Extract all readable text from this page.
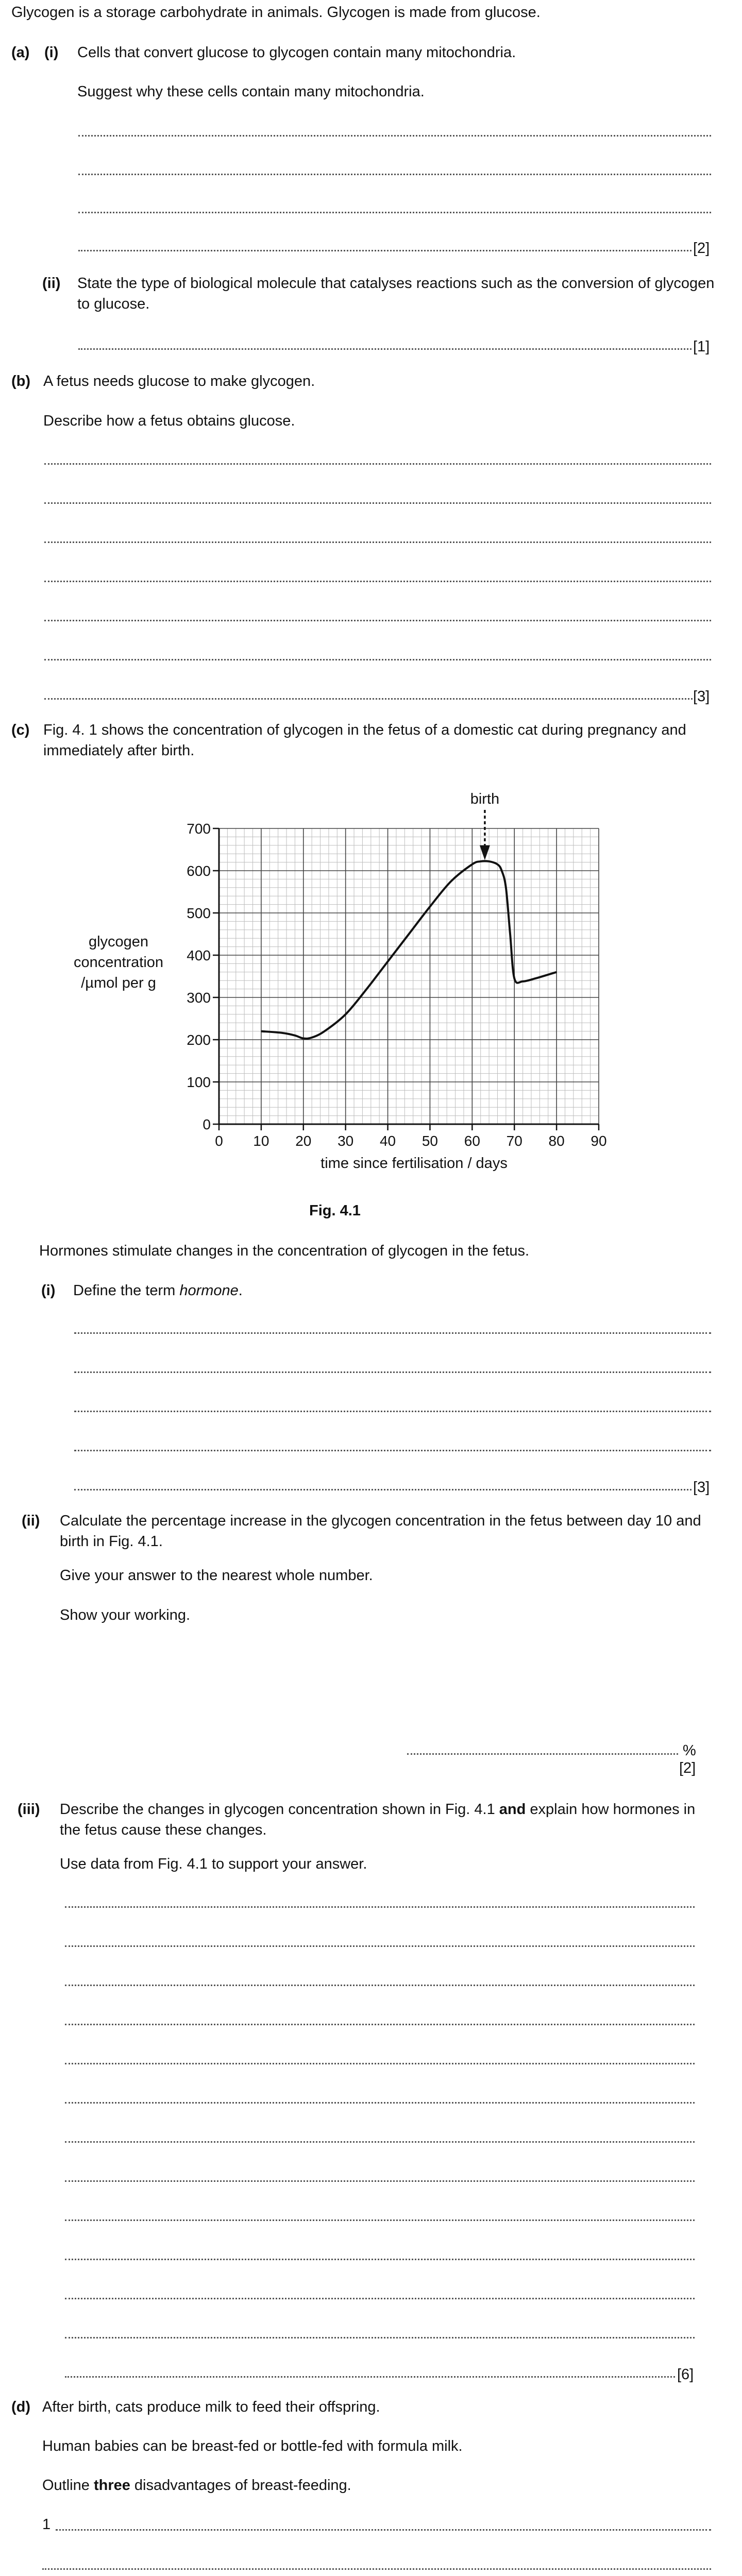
Glycogen is a storage carbohydrate in animals. Glycogen is made from glucose.
(a) (i) Cells that convert glucose to glycogen contain many mitochondria.
Suggest why these cells contain many mitochondria.
[2]
(ii) State the type of biological molecule that catalyses reactions such as the conversion of glycogen to glucose.
[1]
(b) A fetus needs glucose to make glycogen.
Describe how a fetus obtains glucose.
[3]
(c) Fig. 4. 1 shows the concentration of glycogen in the fetus of a domestic cat during pregnancy and immediately after birth.
0 10 20 30 40 50 60 70 80 90
0
100
200
300
400
500
600
700
time since fertilisation / days
glycogen
concentration
/µmol per g
birth
Fig. 4.1
Hormones stimulate changes in the concentration of glycogen in the fetus.
(i) Define the term hormone.
[3]
(ii) Calculate the percentage increase in the glycogen concentration in the fetus between day 10 and birth in Fig. 4.1.
Give your answer to the nearest whole number.
Show your working.
%
[2]
(iii) Describe the changes in glycogen concentration shown in Fig. 4.1 and explain how hormones in the fetus cause these changes.
Use data from Fig. 4.1 to support your answer.
[6]
(d) After birth, cats produce milk to feed their offspring.
Human babies can be breast-fed or bottle-fed with formula milk.
Outline three disadvantages of breast-feeding.
1
